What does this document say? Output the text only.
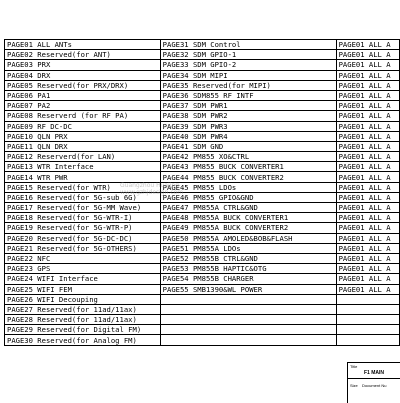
PAGE01 ALL ANTs	PAGE31 SDM Control	PAGE01 ALL A
PAGE02 Reserved(for ANT)	PAGE32 SDM GPIO-1	PAGE01 ALL A
PAGE03 PRX	PAGE33 SDM GPIO-2	PAGE01 ALL A
PAGE04 DRX	PAGE34 SDM MIPI	PAGE01 ALL A
PAGE05 Reserved(for PRX/DRX)	PAGE35 Reserved(for MIPI)	PAGE01 ALL A
PAGE06 PA1	PAGE36 SDM855 RF INTF	PAGE01 ALL A
PAGE07 PA2	PAGE37 SDM PWR1	PAGE01 ALL A
PAGE08 Reserverd (for RF PA)	PAGE38 SDM PWR2	PAGE01 ALL A
PAGE09 RF DC-DC	PAGE39 SDM PWR3	PAGE01 ALL A
PAGE10 QLN PRX	PAGE40 SDM PWR4	PAGE01 ALL A
PAGE11 QLN DRX	PAGE41 SDM GND	PAGE01 ALL A
PAGE12 Reserverd(for LAN)	PAGE42 PM855 XO&CTRL	PAGE01 ALL A
PAGE13 WTR Interface	PAGE43 PM855 BUCK CONVERTER1	PAGE01 ALL A
PAGE14 WTR PWR	PAGE44 PM855 BUCK CONVERTER2	PAGE01 ALL A
PAGE15 Reserved(for WTR)	PAGE45 PM855 LDOs	PAGE01 ALL A
PAGE16 Reserved(for 5G-sub 6G)	PAGE46 PM855 GPIO&GND	PAGE01 ALL A
PAGE17 Reserved(for 5G-MM Wave)	PAGE47 PM855A CTRL&GND	PAGE01 ALL A
PAGE18 Reserved(for 5G-WTR-I)	PAGE48 PM855A BUCK CONVERTER1	PAGE01 ALL A
PAGE19 Reserved(for 5G-WTR-P)	PAGE49 PM855A BUCK CONVERTER2	PAGE01 ALL A
PAGE20 Reserved(for 5G-DC-DC)	PAGE50 PM855A AMOLED&BOB&FLASH	PAGE01 ALL A
PAGE21 Reserved(for 5G-OTHERS)	PAGE51 PM855A LDOs	PAGE01 ALL A
PAGE22 NFC	PAGE52 PM855B CTRL&GND	PAGE01 ALL A
PAGE23 GPS	PAGE53 PM855B HAPTIC&OTG	PAGE01 ALL A
PAGE24 WIFI Interface	PAGE54 PM855B CHARGER	PAGE01 ALL A
PAGE25 WIFI FEM	PAGE55 SMB1390&WL POWER	PAGE01 ALL A
PAGE26 WIFI Decouping		
PAGE27 Reserved(for 11ad/11ax)		
PAGE28 Reserved(for 11ad/11ax)		
PAGE29 Reserved(for Digital FM)		
PAGE30 Reserved(for Analog FM)		
Guangzhou Huajing
www.gzhjdesign.com
Title
F1 MAIN
Size Document Nu
